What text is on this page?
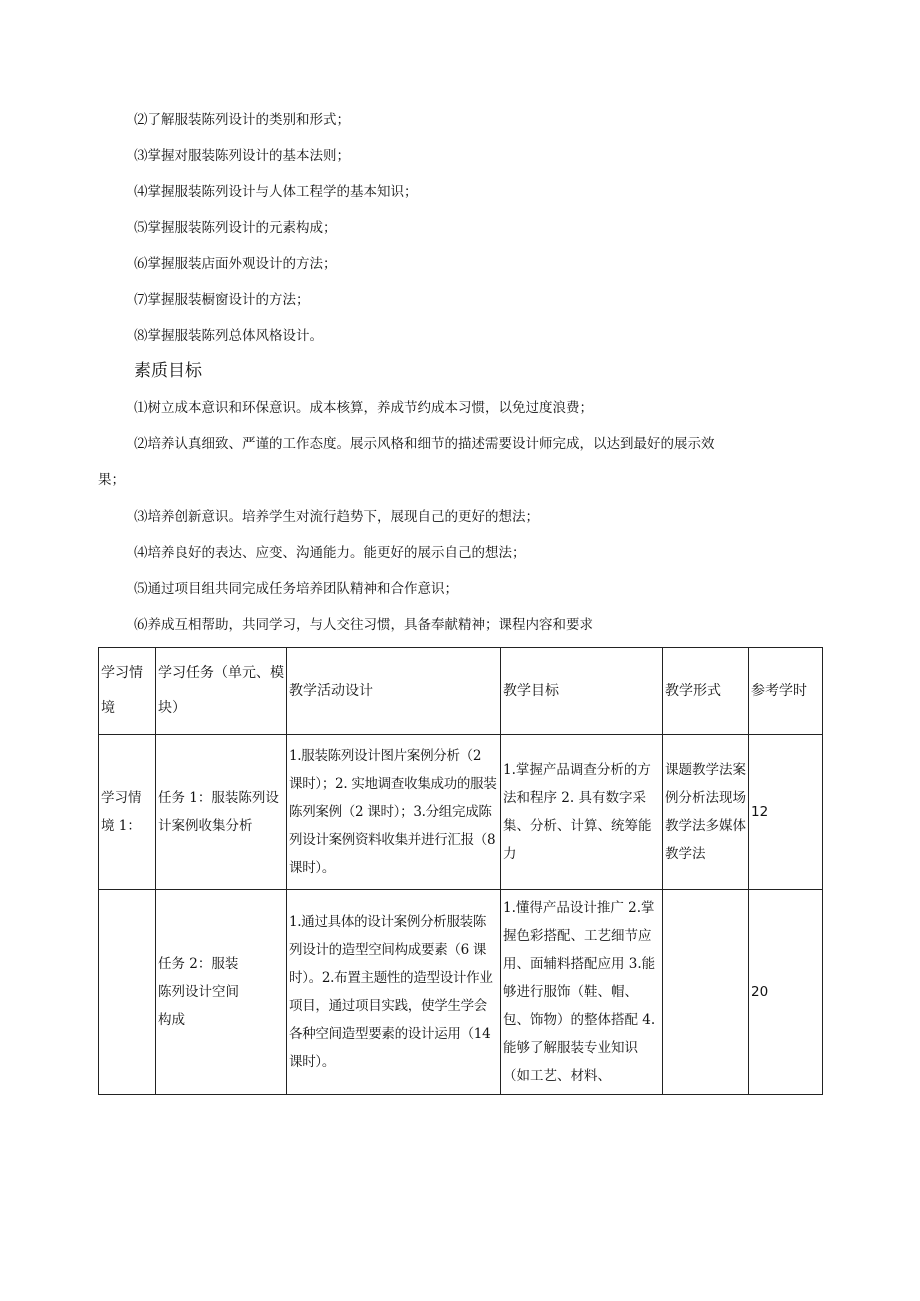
⑵了解服装陈列设计的类别和形式；
⑶掌握对服装陈列设计的基本法则；
⑷掌握服装陈列设计与人体工程学的基本知识；
⑸掌握服装陈列设计的元素构成；
⑹掌握服装店面外观设计的方法；
⑺掌握服装橱窗设计的方法；
⑻掌握服装陈列总体风格设计。
素质目标
⑴树立成本意识和环保意识。成本核算，养成节约成本习惯，以免过度浪费；
⑵培养认真细致、严谨的工作态度。展示风格和细节的描述需要设计师完成，以达到最好的展示效
果；
⑶培养创新意识。培养学生对流行趋势下，展现自己的更好的想法；
⑷培养良好的表达、应变、沟通能力。能更好的展示自己的想法；
⑸通过项目组共同完成任务培养团队精神和合作意识；
⑹养成互相帮助，共同学习，与人交往习惯，具备奉献精神；课程内容和要求
学习情境	学习任务（单元、模块）	教学活动设计	教学目标	教学形式	参考学时
学习情境 1：	任务 1：服装陈列设计案例收集分析	1.服装陈列设计图片案例分析（2 课时）；2. 实地调查收集成功的服装陈列案例（2 课时）；3.分组完成陈列设计案例资料收集并进行汇报（8 课时）。	1.掌握产品调查分析的方法和程序 2. 具有数字采集、分析、计算、统筹能力	课题教学法案例分析法现场教学法多媒体教学法	12
	任务 2：服装陈列设计空间构成	1.通过具体的设计案例分析服装陈列设计的造型空间构成要素（6 课时）。2.布置主题性的造型设计作业项目，通过项目实践，使学生学会各种空间造型要素的设计运用（14 课时）。	1.懂得产品设计推广 2.掌握色彩搭配、工艺细节应用、面辅料搭配应用 3.能够进行服饰（鞋、帽、包、饰物）的整体搭配 4. 能够了解服装专业知识（如工艺、材料、		20
